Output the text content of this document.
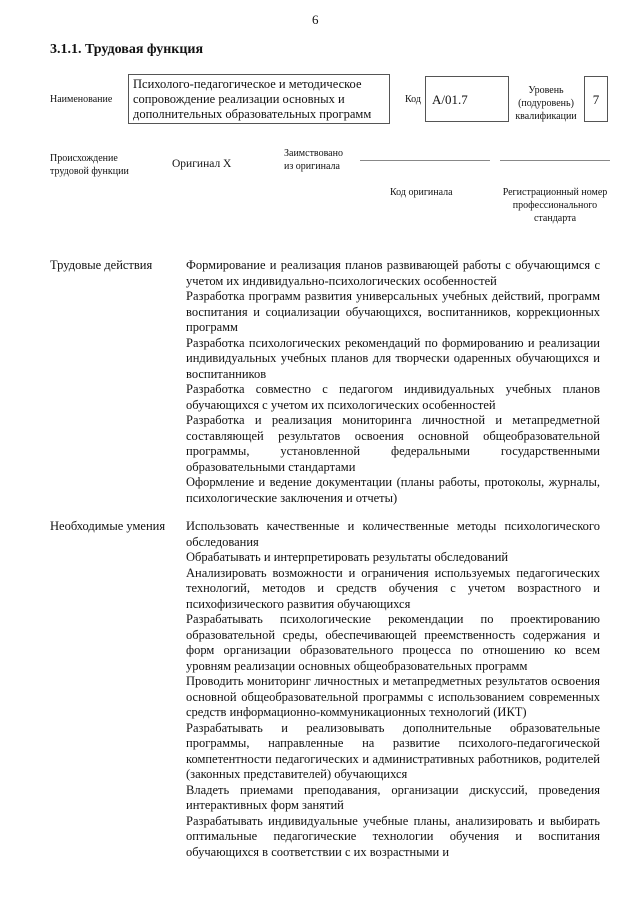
6
3.1.1. Трудовая функция
Наименование
Психолого-педагогическое и методическое сопровождение реализации основных и дополнительных образовательных программ
Код А/01.7
Уровень (подуровень) квалификации
7
Происхождение трудовой функции
Оригинал Х
Заимствовано из оригинала
Код оригинала	Регистрационный номер профессионального стандарта
Трудовые действия	Формирование и реализация планов развивающей работы с обучающимся с учетом их индивидуально-психологических особенностей

Разработка программ развития универсальных учебных действий, программ воспитания и социализации обучающихся, воспитанников, коррекционных программ

Разработка психологических рекомендаций по формированию и реализации индивидуальных учебных планов для творчески одаренных обучающихся и воспитанников

Разработка совместно с педагогом индивидуальных учебных планов обучающихся с учетом их психологических особенностей

Разработка и реализация мониторинга личностной и метапредметной составляющей результатов освоения основной общеобразовательной программы, установленной федеральными государственными образовательными стандартами

Оформление и ведение документации (планы работы, протоколы, журналы, психологические заключения и отчеты)

Необходимые умения Использовать качественные и количественные методы психологического обследования

Обрабатывать и интерпретировать результаты обследований

Анализировать возможности и ограничения используемых педагогических технологий, методов и средств обучения с учетом возрастного и психофизического развития обучающихся

Разрабатывать психологические рекомендации по проектированию образовательной среды, обеспечивающей преемственность содержания и форм организации образовательного процесса по отношению ко всем уровням реализации основных общеобразовательных программ

Проводить мониторинг личностных и метапредметных результатов освоения основной общеобразовательной программы с использованием современных средств информационно-коммуникационных технологий (ИКТ)

Разрабатывать и реализовывать дополнительные образовательные программы, направленные на развитие психолого-педагогической компетентности педагогических и административных работников, родителей (законных представителей) обучающихся

Владеть приемами преподавания, организации дискуссий, проведения интерактивных форм занятий

Разрабатывать индивидуальные учебные планы, анализировать и выбирать оптимальные педагогические технологии обучения и воспитания обучающихся в соответствии с их возрастными и
